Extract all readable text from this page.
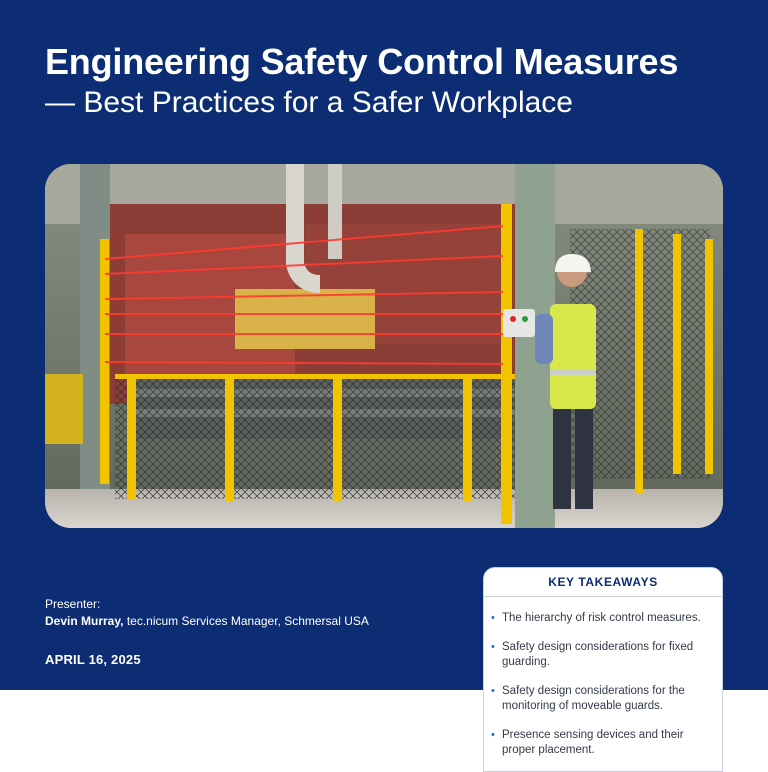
Engineering Safety Control Measures
— Best Practices for a Safer Workplace
Presenter:
Devin Murray, tec.nicum Services Manager, Schmersal USA
APRIL 16, 2025
KEY TAKEAWAYS
• The hierarchy of risk control measures.
• Safety design considerations for fixed guarding.
• Safety design considerations for the monitoring of moveable guards.
• Presence sensing devices and their proper placement.
